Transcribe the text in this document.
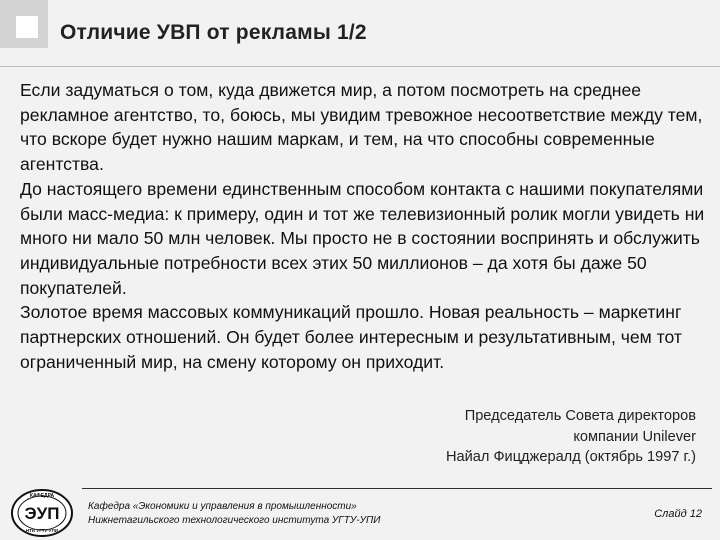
Отличие УВП от рекламы 1/2

Если задуматься о том, куда движется мир, а потом посмотреть на среднее рекламное агентство, то, боюсь, мы увидим тревожное несоответствие между тем, что вскоре будет нужно нашим маркам, и тем, на что способны современные агентства.

До настоящего времени единственным способом контакта с нашими покупателями были масс-медиа: к примеру, один и тот же телевизионный ролик могли увидеть ни много ни мало 50 млн человек. Мы просто не в состоянии воспринять и обслужить индивидуальные потребности всех этих 50 миллионов – да хотя бы даже 50 покупателей.

Золотое время массовых коммуникаций прошло. Новая реальность – маркетинг партнерских отношений. Он будет более интересным и результативным, чем тот ограниченный мир, на смену которому он приходит.

Председатель Совета директоров
компании Unilever
Найал Фицджералд (октябрь 1997 г.)
КАФЕДРА
ЭУП
НТИ УГТУ-УПИ
Кафедра «Экономики и управления в промышленности»
Нижнетагильского технологического института УГТУ-УПИ
Слайд 12
